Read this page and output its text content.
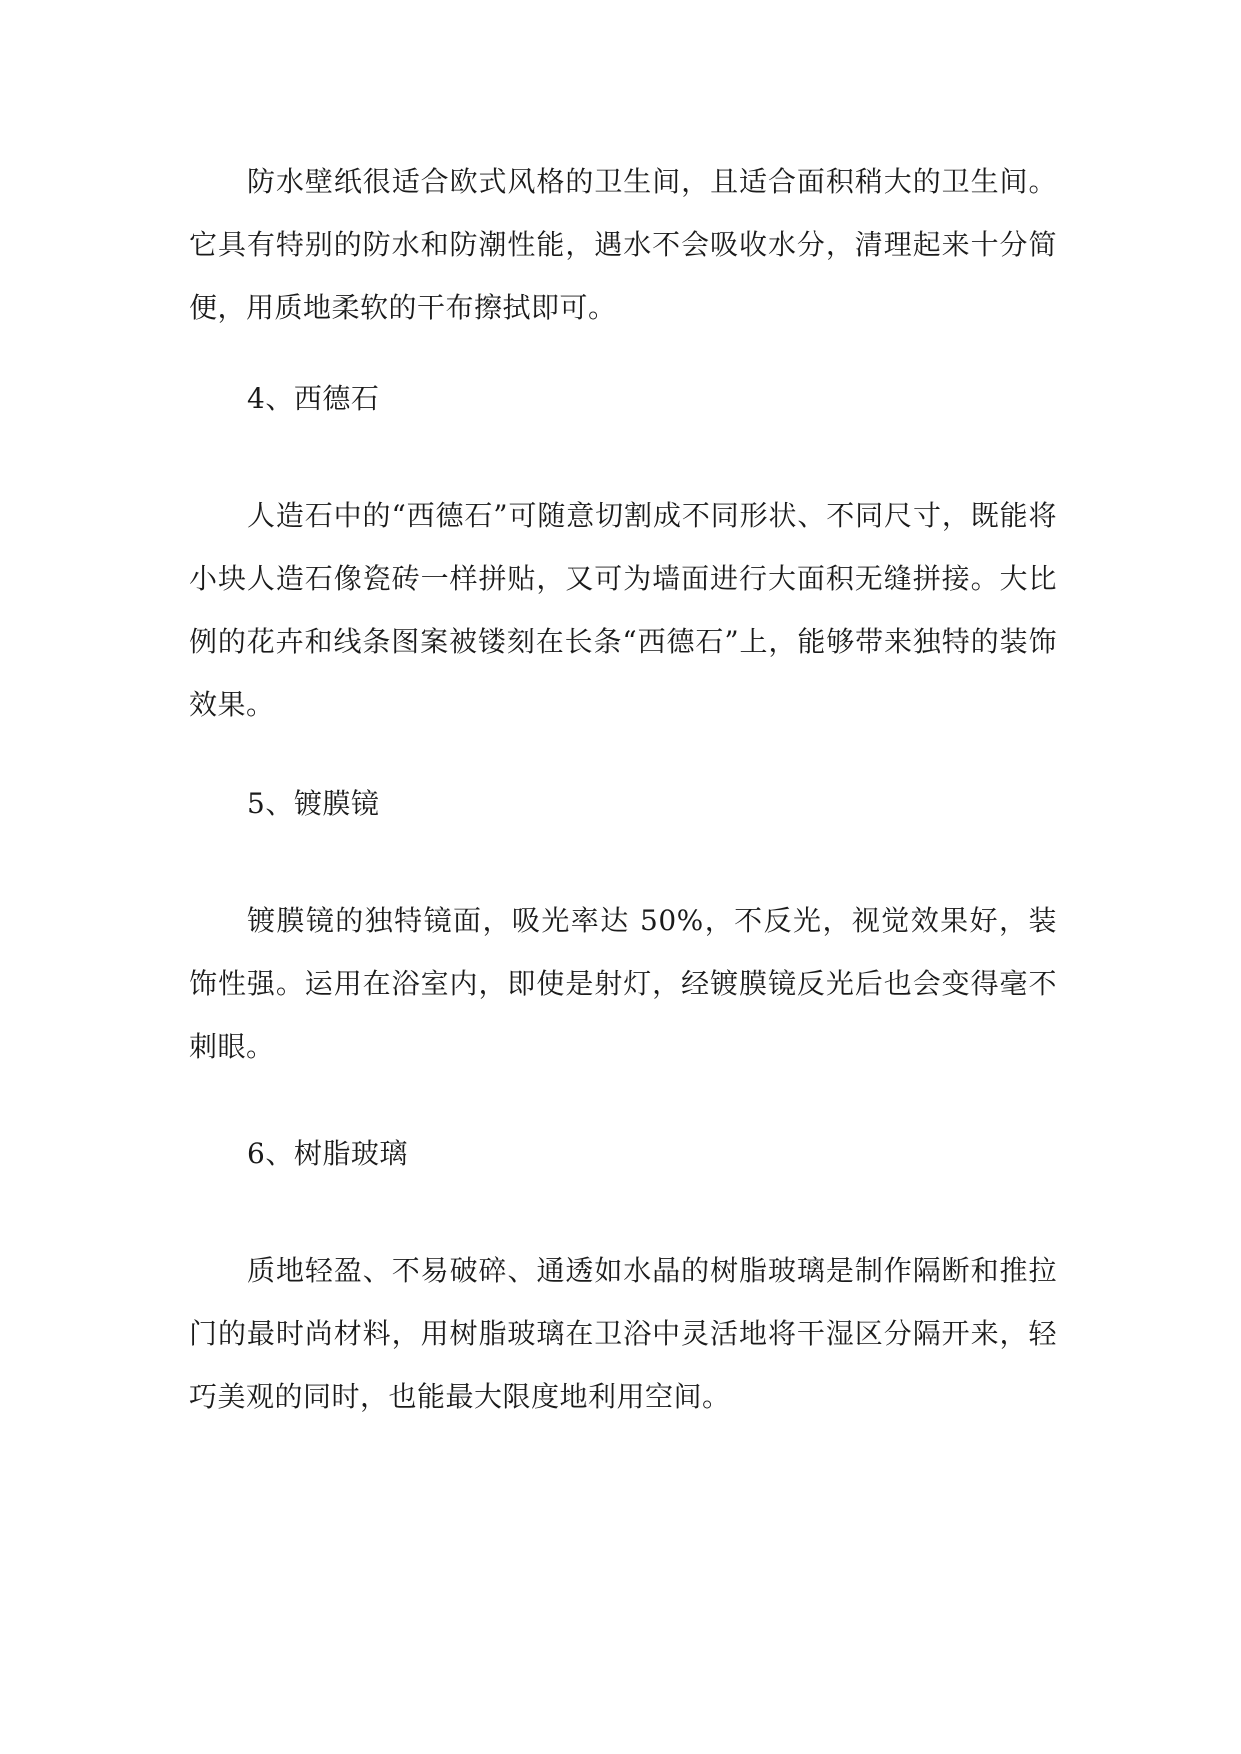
防水壁纸很适合欧式风格的卫生间，且适合面积稍大的卫生间。它具有特别的防水和防潮性能，遇水不会吸收水分，清理起来十分简便，用质地柔软的干布擦拭即可。

4、西德石

人造石中的“西德石”可随意切割成不同形状、不同尺寸，既能将小块人造石像瓷砖一样拼贴，又可为墙面进行大面积无缝拼接。大比例的花卉和线条图案被镂刻在长条“西德石”上，能够带来独特的装饰效果。

5、镀膜镜

镀膜镜的独特镜面，吸光率达 50%，不反光，视觉效果好，装饰性强。运用在浴室内，即使是射灯，经镀膜镜反光后也会变得毫不刺眼。

6、树脂玻璃

质地轻盈、不易破碎、通透如水晶的树脂玻璃是制作隔断和推拉门的最时尚材料，用树脂玻璃在卫浴中灵活地将干湿区分隔开来，轻巧美观的同时，也能最大限度地利用空间。
